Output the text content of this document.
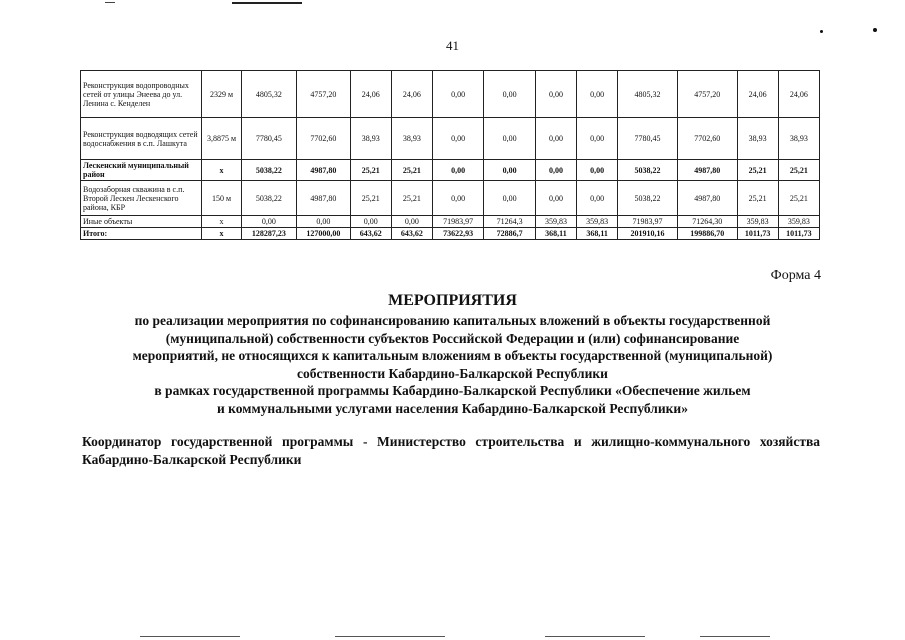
41
Реконструкция водопроводных сетей от улицы Энеева до ул. Ленина с. Кенделен	2329 м	4805,32	4757,20	24,06	24,06	0,00	0,00	0,00	0,00	4805,32	4757,20	24,06	24,06
Реконструкция водводящих сетей водоснабжения в с.п. Лашкута	3,8875 м	7780,45	7702,60	38,93	38,93	0,00	0,00	0,00	0,00	7780,45	7702,60	38,93	38,93
Лескенский муниципальный район	х	5038,22	4987,80	25,21	25,21	0,00	0,00	0,00	0,00	5038,22	4987,80	25,21	25,21
Водозаборная скважина в с.п. Второй Лескен Лескенского района, КБР	150 м	5038,22	4987,80	25,21	25,21	0,00	0,00	0,00	0,00	5038,22	4987,80	25,21	25,21
Иные объекты	х	0,00	0,00	0,00	0,00	71983,97	71264,3	359,83	359,83	71983,97	71264,30	359,83	359,83
Итого:	х	128287,23	127000,00	643,62	643,62	73622,93	72886,7	368,11	368,11	201910,16	199886,70	1011,73	1011,73
Форма 4
МЕРОПРИЯТИЯ
по реализации мероприятия по софинансированию капитальных вложений в объекты государственной
(муниципальной) собственности субъектов Российской Федерации и (или) софинансирование
мероприятий, не относящихся к капитальным вложениям в объекты государственной (муниципальной)
собственности Кабардино-Балкарской Республики
в рамках государственной программы Кабардино-Балкарской Республики «Обеспечение жильем
и коммунальными услугами населения Кабардино-Балкарской Республики»
Координатор государственной программы - Министерство строительства и жилищно-коммунального хозяйства Кабардино-Балкарской Республики
